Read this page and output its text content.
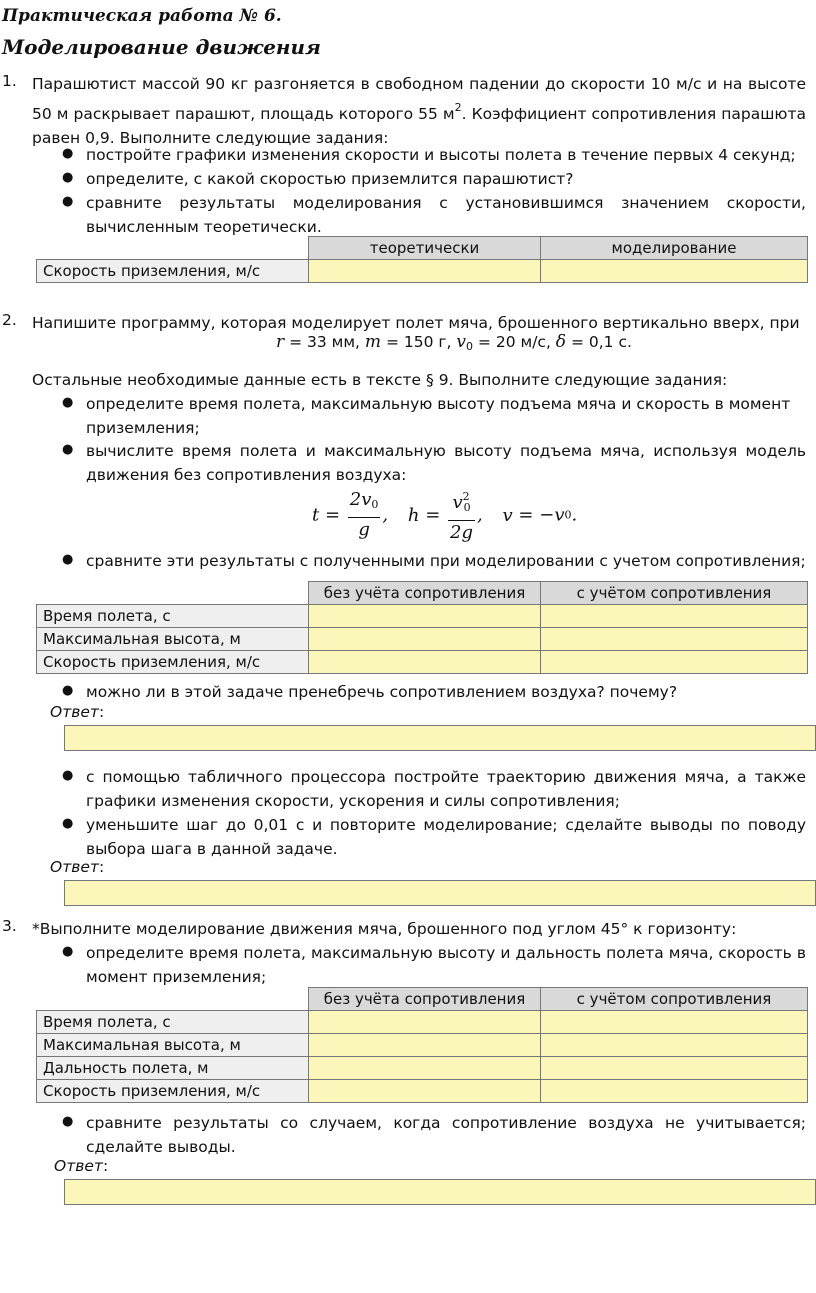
Практическая работа № 6.
Моделирование движения
1. Парашютист массой 90 кг разгоняется в свободном падении до скорости 10 м/с и на высоте 50 м раскрывает парашют, площадь которого 55 $м^2$. Коэффициент сопротивления парашюта равен 0,9. Выполните следующие задания:
● постройте графики изменения скорости и высоты полета в течение первых 4 секунд;
● определите, с какой скоростью приземлится парашютист?
● сравните результаты моделирования с установившимся значением скорости, вычисленным теоретически.
	теоретически	моделирование
Скорость приземления, м/с		
2. Напишите программу, которая моделирует полет мяча, брошенного вертикально вверх, при
r = 33 мм, m = 150 г, $v_0 = 20$ м/с, δ = 0,1 с.
Остальные необходимые данные есть в тексте § 9. Выполните следующие задания:
● определите время полета, максимальную высоту подъема мяча и скорость в момент приземления;
● вычислите время полета и максимальную высоту подъема мяча, используя модель движения без сопротивления воздуха:
$t = \frac{2v_0}{g}$ , $h = \frac{v^2_0}{2g}$ , v = −v0.
● сравните эти результаты с полученными при моделировании с учетом сопротивления;
	без учёта сопротивления	с учётом сопротивления
Время полета, с		
Максимальная высота, м		
Скорость приземления, м/с		
● можно ли в этой задаче пренебречь сопротивлением воздуха? почему?
Ответ:
● с помощью табличного процессора постройте траекторию движения мяча, а также графики изменения скорости, ускорения и силы сопротивления;
● уменьшите шаг до 0,01 с и повторите моделирование; сделайте выводы по поводу выбора шага в данной задаче.
Ответ:
3. *Выполните моделирование движения мяча, брошенного под углом 45° к горизонту:
● определите время полета, максимальную высоту и дальность полета мяча, скорость в момент приземления;
	без учёта сопротивления	с учётом сопротивления
Время полета, с		
Максимальная высота, м		
Дальность полета, м		
Скорость приземления, м/с		
● сравните результаты со случаем, когда сопротивление воздуха не учитывается; сделайте выводы.
Ответ:
